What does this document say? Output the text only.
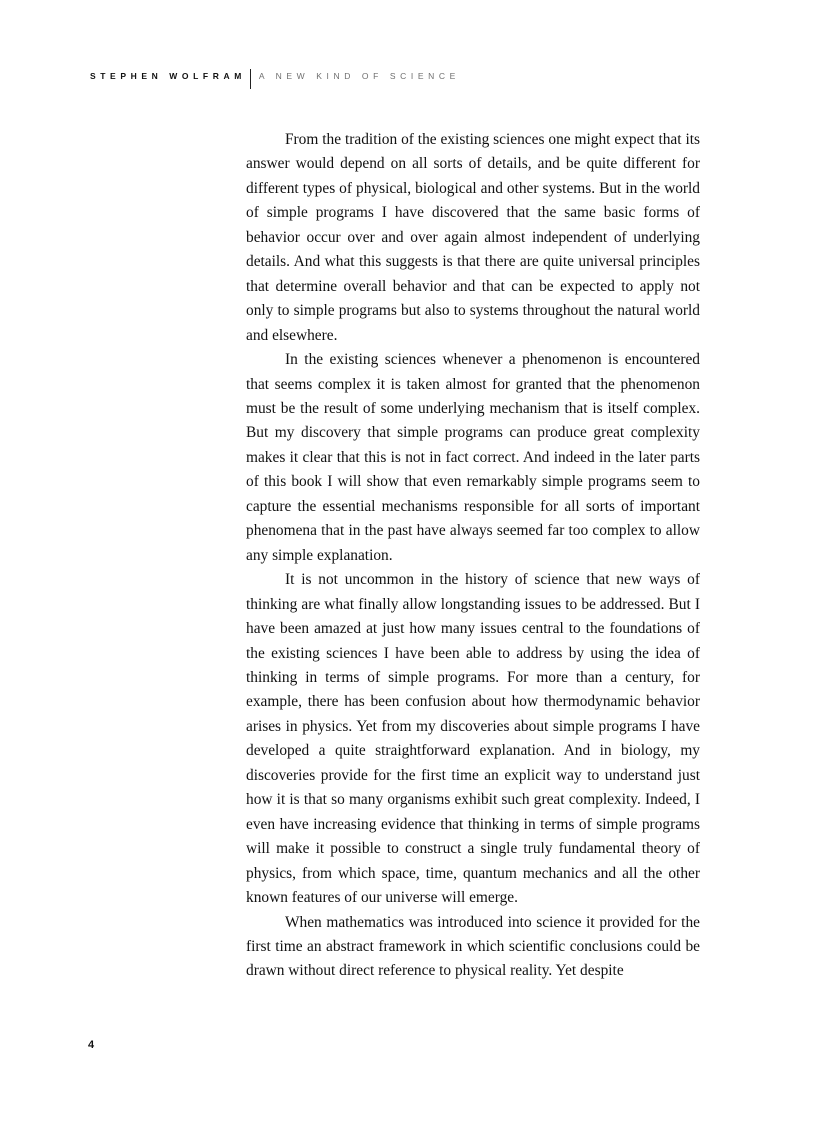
STEPHEN WOLFRAM A NEW KIND OF SCIENCE

From the tradition of the existing sciences one might expect that its answer would depend on all sorts of details, and be quite different for different types of physical, biological and other systems. But in the world of simple programs I have discovered that the same basic forms of behavior occur over and over again almost independent of underlying details. And what this suggests is that there are quite universal principles that determine overall behavior and that can be expected to apply not only to simple programs but also to systems throughout the natural world and elsewhere.

In the existing sciences whenever a phenomenon is encountered that seems complex it is taken almost for granted that the phenomenon must be the result of some underlying mechanism that is itself complex. But my discovery that simple programs can produce great complexity makes it clear that this is not in fact correct. And indeed in the later parts of this book I will show that even remarkably simple programs seem to capture the essential mechanisms responsible for all sorts of important phenomena that in the past have always seemed far too complex to allow any simple explanation.

It is not uncommon in the history of science that new ways of thinking are what finally allow longstanding issues to be addressed. But I have been amazed at just how many issues central to the foundations of the existing sciences I have been able to address by using the idea of thinking in terms of simple programs. For more than a century, for example, there has been confusion about how thermodynamic behavior arises in physics. Yet from my discoveries about simple programs I have developed a quite straightforward explanation. And in biology, my discoveries provide for the first time an explicit way to understand just how it is that so many organisms exhibit such great complexity. Indeed, I even have increasing evidence that thinking in terms of simple programs will make it possible to construct a single truly fundamental theory of physics, from which space, time, quantum mechanics and all the other known features of our universe will emerge.

When mathematics was introduced into science it provided for the first time an abstract framework in which scientific conclusions could be drawn without direct reference to physical reality. Yet despite

4
